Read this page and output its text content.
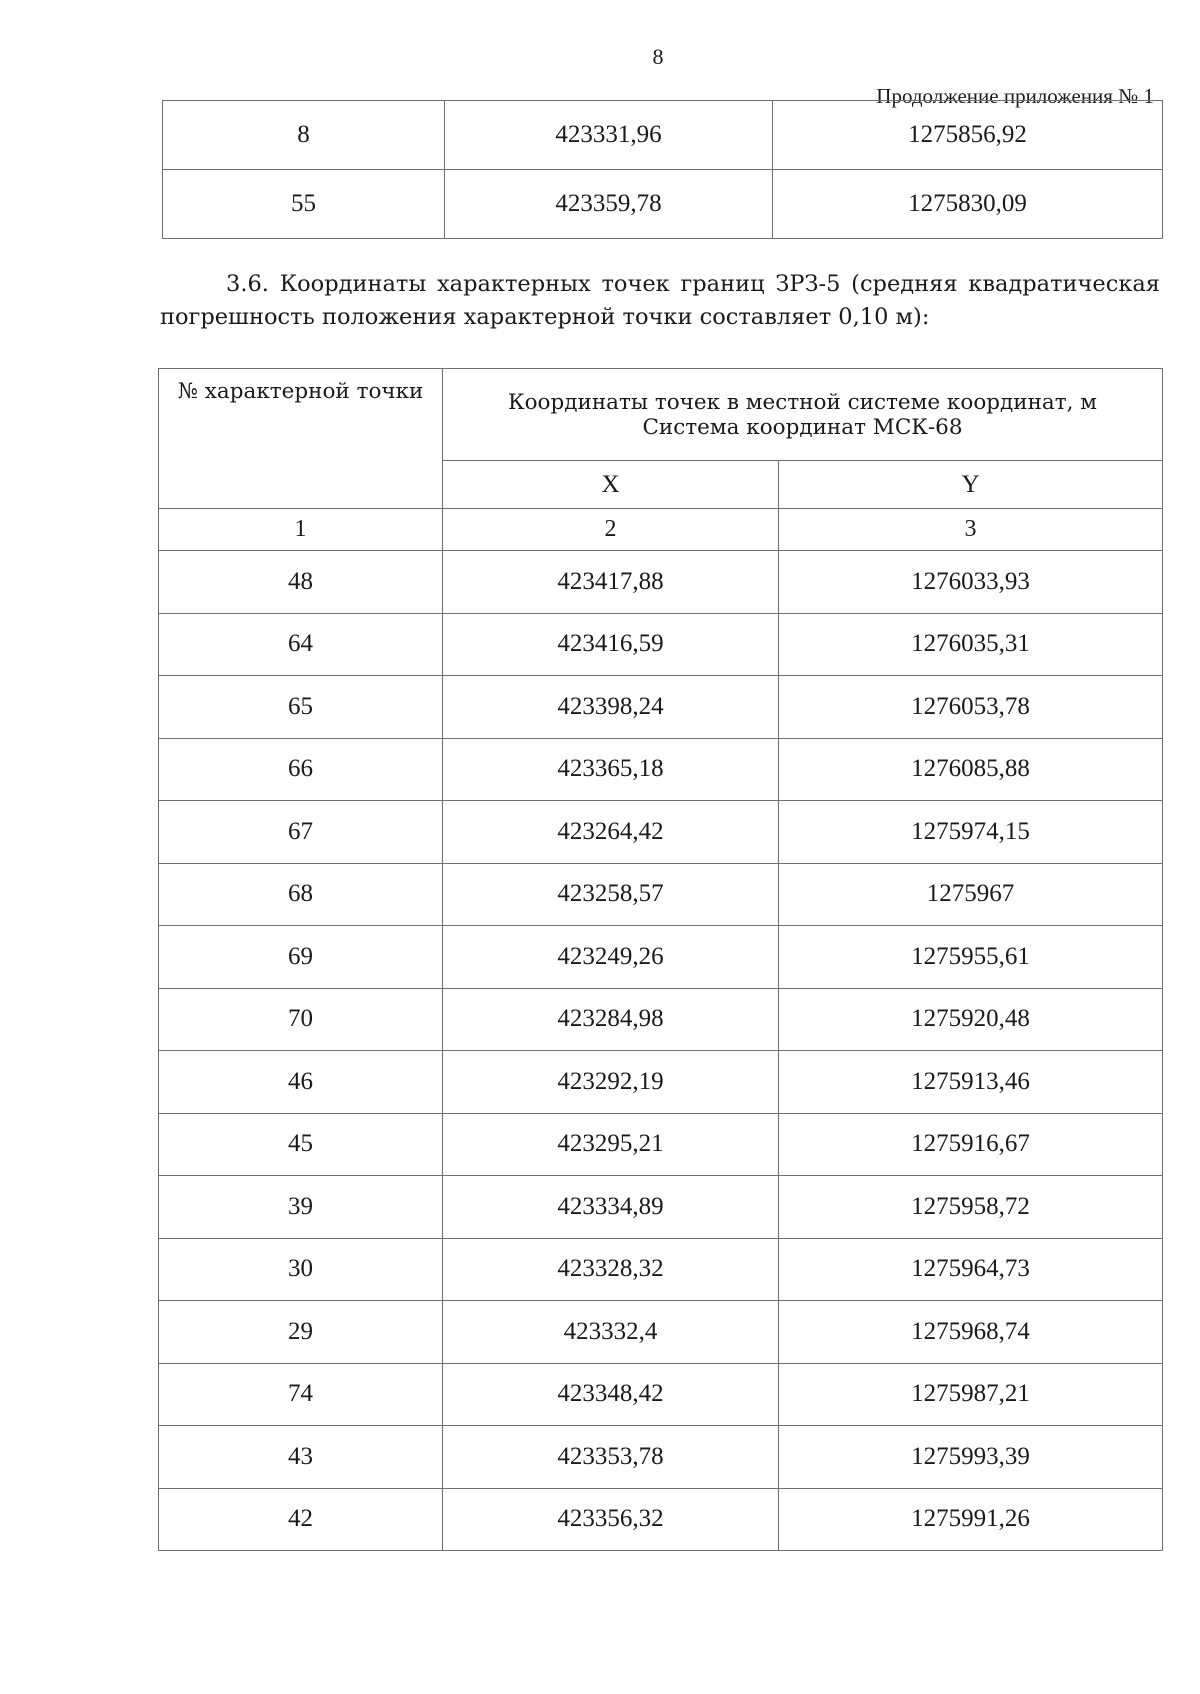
8
Продолжение приложения № 1
8	423331,96	1275856,92
55	423359,78	1275830,09
3.6. Координаты характерных точек границ ЗРЗ-5 (средняя квадратическая погрешность положения характерной точки составляет 0,10 м):
№ характерной точки	Координаты точек в местной системе координат, м
Система координат МСК-68	
	X	Y
1	2	3
48	423417,88	1276033,93
64	423416,59	1276035,31
65	423398,24	1276053,78
66	423365,18	1276085,88
67	423264,42	1275974,15
68	423258,57	1275967
69	423249,26	1275955,61
70	423284,98	1275920,48
46	423292,19	1275913,46
45	423295,21	1275916,67
39	423334,89	1275958,72
30	423328,32	1275964,73
29	423332,4	1275968,74
74	423348,42	1275987,21
43	423353,78	1275993,39
42	423356,32	1275991,26
